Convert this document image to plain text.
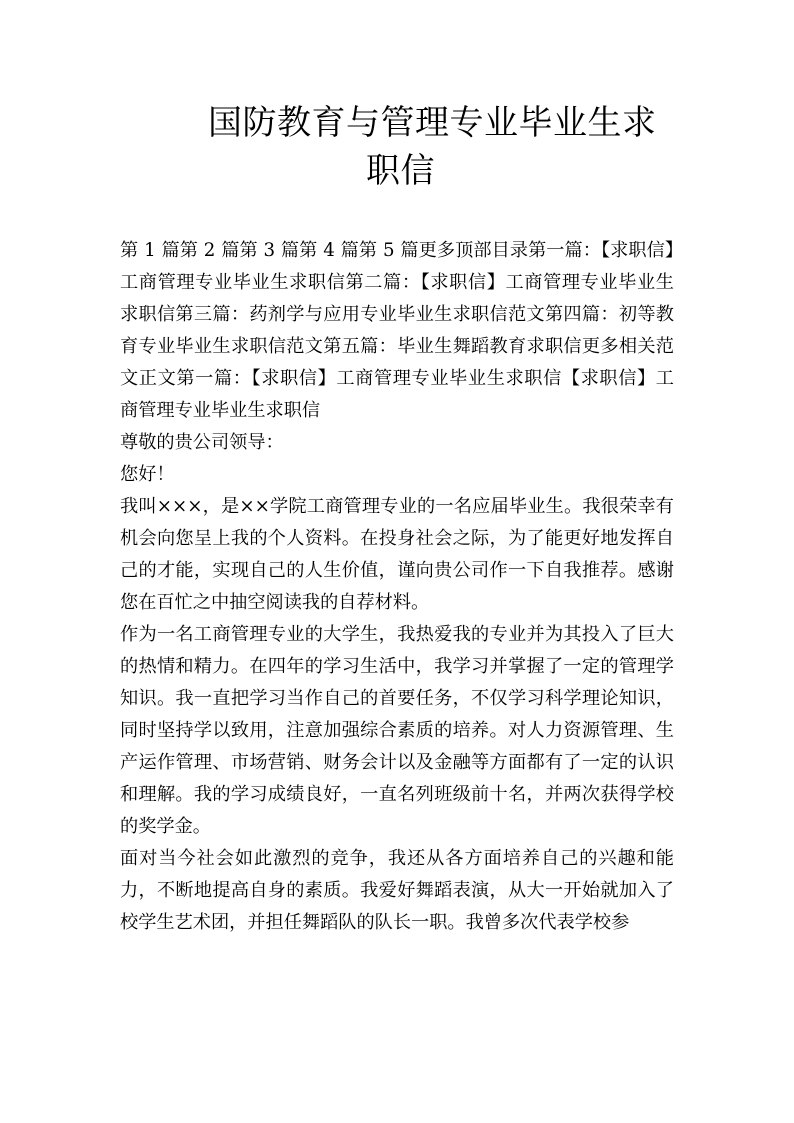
国防教育与管理专业毕业生求
职信

第 1 篇第 2 篇第 3 篇第 4 篇第 5 篇更多顶部目录第一篇：【求职信】工商管理专业毕业生求职信第二篇：【求职信】工商管理专业毕业生求职信第三篇：药剂学与应用专业毕业生求职信范文第四篇：初等教育专业毕业生求职信范文第五篇：毕业生舞蹈教育求职信更多相关范文正文第一篇：【求职信】工商管理专业毕业生求职信【求职信】工商管理专业毕业生求职信

尊敬的贵公司领导：

您好！

我叫×××，是××学院工商管理专业的一名应届毕业生。我很荣幸有机会向您呈上我的个人资料。在投身社会之际，为了能更好地发挥自己的才能，实现自己的人生价值，谨向贵公司作一下自我推荐。感谢您在百忙之中抽空阅读我的自荐材料。

作为一名工商管理专业的大学生，我热爱我的专业并为其投入了巨大的热情和精力。在四年的学习生活中，我学习并掌握了一定的管理学知识。我一直把学习当作自己的首要任务，不仅学习科学理论知识，同时坚持学以致用，注意加强综合素质的培养。对人力资源管理、生产运作管理、市场营销、财务会计以及金融等方面都有了一定的认识和理解。我的学习成绩良好，一直名列班级前十名，并两次获得学校的奖学金。

面对当今社会如此激烈的竞争，我还从各方面培养自己的兴趣和能力，不断地提高自身的素质。我爱好舞蹈表演，从大一开始就加入了校学生艺术团，并担任舞蹈队的队长一职。我曾多次代表学校参
